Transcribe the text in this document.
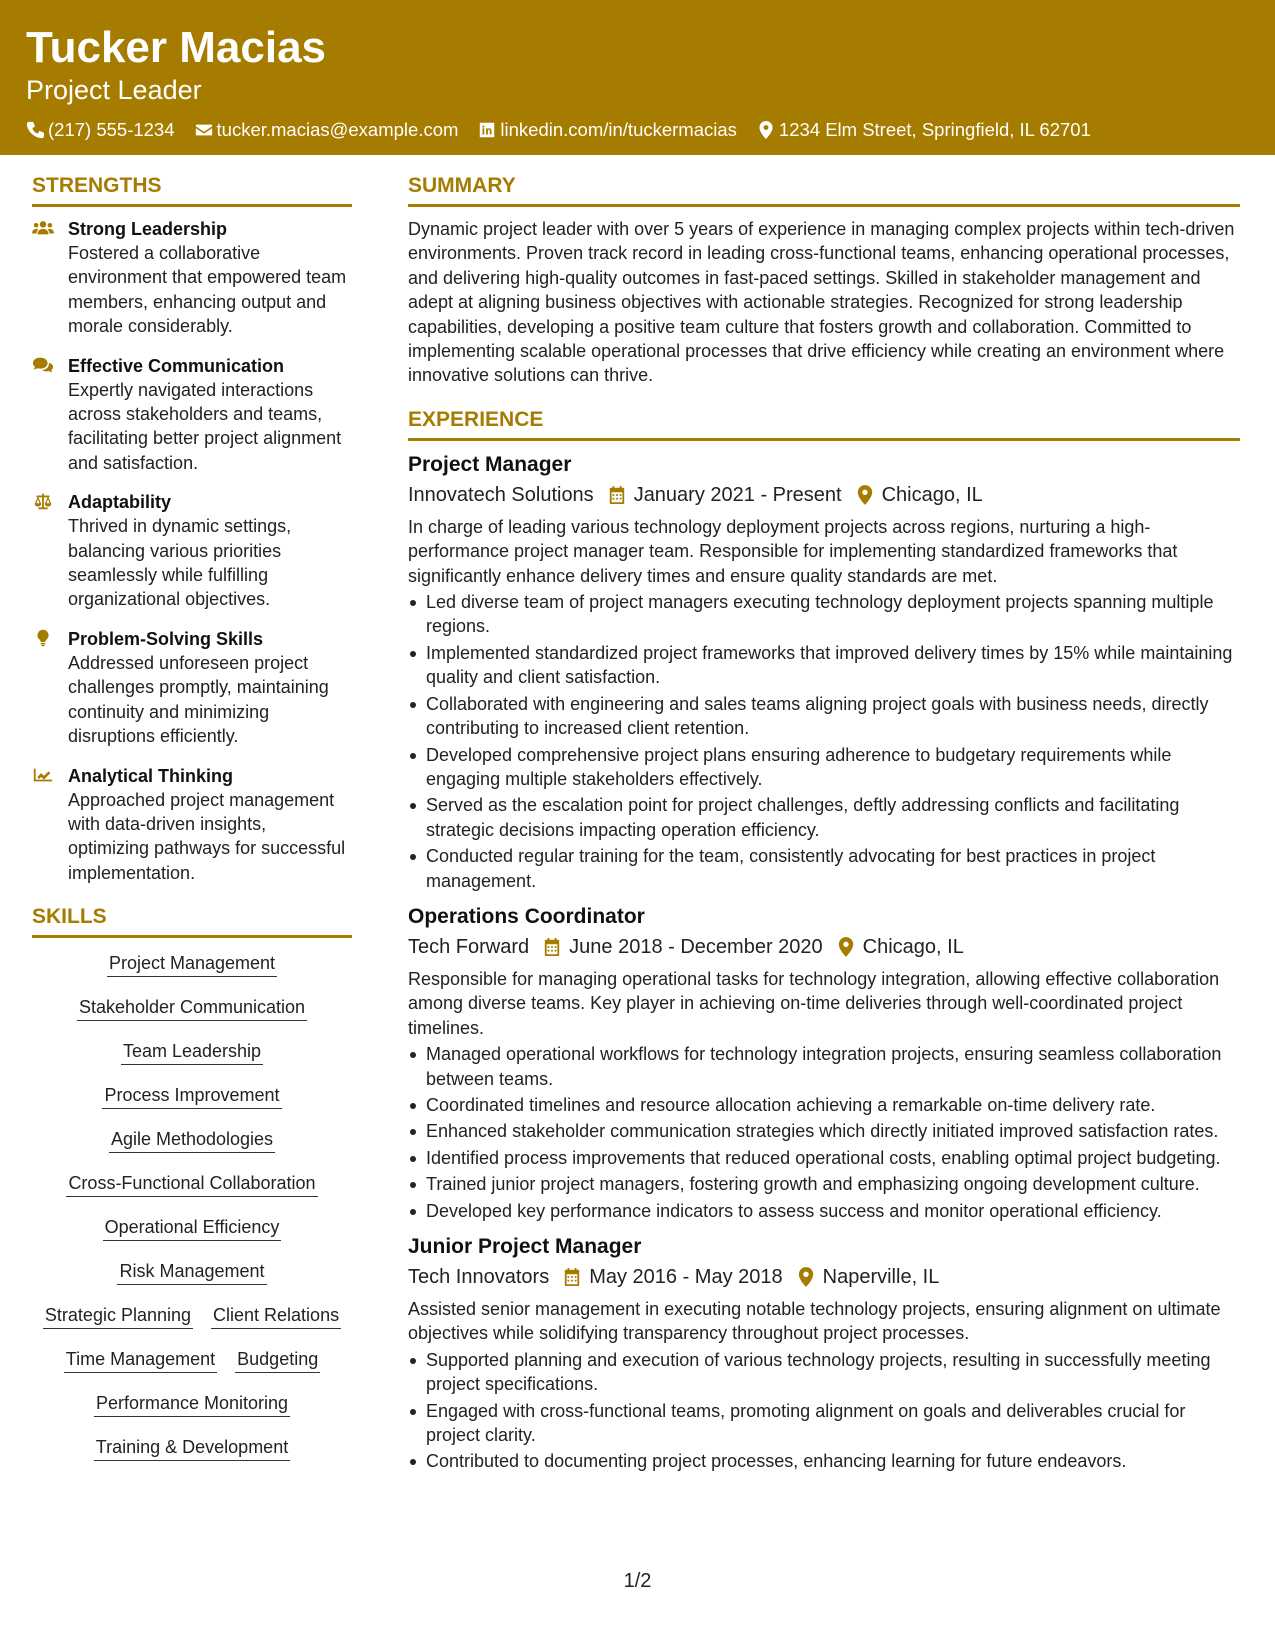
Tucker Macias
Project Leader
(217) 555-1234 tucker.macias@example.com linkedin.com/in/tuckermacias 1234 Elm Street, Springfield, IL 62701
STRENGTHS
Strong Leadership
Fostered a collaborative environment that empowered team members, enhancing output and morale considerably.
Effective Communication
Expertly navigated interactions across stakeholders and teams, facilitating better project alignment and satisfaction.
Adaptability
Thrived in dynamic settings, balancing various priorities seamlessly while fulfilling organizational objectives.
Problem-Solving Skills
Addressed unforeseen project challenges promptly, maintaining continuity and minimizing disruptions efficiently.
Analytical Thinking
Approached project management with data-driven insights, optimizing pathways for successful implementation.
SKILLS
Project Management
Stakeholder Communication
Team Leadership
Process Improvement
Agile Methodologies
Cross-Functional Collaboration
Operational Efficiency
Risk Management
Strategic Planning Client Relations
Time Management Budgeting
Performance Monitoring
Training & Development
SUMMARY
Dynamic project leader with over 5 years of experience in managing complex projects within tech-driven environments. Proven track record in leading cross-functional teams, enhancing operational processes, and delivering high-quality outcomes in fast-paced settings. Skilled in stakeholder management and adept at aligning business objectives with actionable strategies. Recognized for strong leadership capabilities, developing a positive team culture that fosters growth and collaboration. Committed to implementing scalable operational processes that drive efficiency while creating an environment where innovative solutions can thrive.
EXPERIENCE
Project Manager
Innovatech Solutions January 2021 - Present Chicago, IL
In charge of leading various technology deployment projects across regions, nurturing a high-performance project manager team. Responsible for implementing standardized frameworks that significantly enhance delivery times and ensure quality standards are met.
Led diverse team of project managers executing technology deployment projects spanning multiple regions.
Implemented standardized project frameworks that improved delivery times by 15% while maintaining quality and client satisfaction.
Collaborated with engineering and sales teams aligning project goals with business needs, directly contributing to increased client retention.
Developed comprehensive project plans ensuring adherence to budgetary requirements while engaging multiple stakeholders effectively.
Served as the escalation point for project challenges, deftly addressing conflicts and facilitating strategic decisions impacting operation efficiency.
Conducted regular training for the team, consistently advocating for best practices in project management.
Operations Coordinator
Tech Forward June 2018 - December 2020 Chicago, IL
Responsible for managing operational tasks for technology integration, allowing effective collaboration among diverse teams. Key player in achieving on-time deliveries through well-coordinated project timelines.
Managed operational workflows for technology integration projects, ensuring seamless collaboration between teams.
Coordinated timelines and resource allocation achieving a remarkable on-time delivery rate.
Enhanced stakeholder communication strategies which directly initiated improved satisfaction rates.
Identified process improvements that reduced operational costs, enabling optimal project budgeting.
Trained junior project managers, fostering growth and emphasizing ongoing development culture.
Developed key performance indicators to assess success and monitor operational efficiency.
Junior Project Manager
Tech Innovators May 2016 - May 2018 Naperville, IL
Assisted senior management in executing notable technology projects, ensuring alignment on ultimate objectives while solidifying transparency throughout project processes.
Supported planning and execution of various technology projects, resulting in successfully meeting project specifications.
Engaged with cross-functional teams, promoting alignment on goals and deliverables crucial for project clarity.
Contributed to documenting project processes, enhancing learning for future endeavors.
1/2
